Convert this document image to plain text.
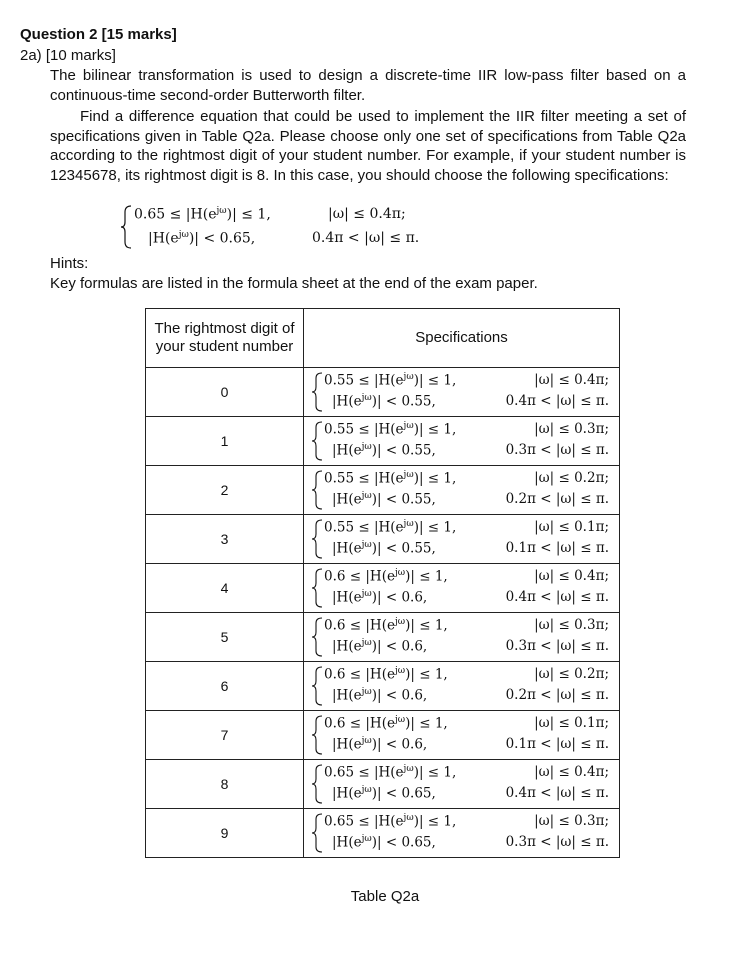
Question 2 [15 marks]
2a) [10 marks]

The bilinear transformation is used to design a discrete-time IIR low-pass filter based on a continuous-time second-order Butterworth filter.

Find a difference equation that could be used to implement the IIR filter meeting a set of specifications given in Table Q2a. Please choose only one set of specifications from Table Q2a according to the rightmost digit of your student number. For example, if your student number is 12345678, its rightmost digit is 8. In this case, you should choose the following specifications:

$0.65 \le |H(e^{j\omega})| \le 1$,	|ω| ≤ 0.4π;
$|H(e^{j\omega})| < 0.65$,	0.4π < |ω| ≤ π.
Hints:
Key formulas are listed in the formula sheet at the end of the exam paper.
The rightmost digit of your student number	Specifications
0	$0.55 \le |H(e^{j\omega})| \le 1$, |ω| ≤ 0.4π;
$|H(e^{j\omega})| < 0.55$, 0.4π < |ω| ≤ π.

1	$0.55 \le |H(e^{j\omega})| \le 1$, |ω| ≤ 0.3π;
$|H(e^{j\omega})| < 0.55$, 0.3π < |ω| ≤ π.

2	$0.55 \le |H(e^{j\omega})| \le 1$, |ω| ≤ 0.2π;
$|H(e^{j\omega})| < 0.55$, 0.2π < |ω| ≤ π.

3	$0.55 \le |H(e^{j\omega})| \le 1$, |ω| ≤ 0.1π;
$|H(e^{j\omega})| < 0.55$, 0.1π < |ω| ≤ π.

4	$0.6 \le |H(e^{j\omega})| \le 1$, |ω| ≤ 0.4π;
$|H(e^{j\omega})| < 0.6$, 0.4π < |ω| ≤ π.

5	$0.6 \le |H(e^{j\omega})| \le 1$, |ω| ≤ 0.3π;
$|H(e^{j\omega})| < 0.6$, 0.3π < |ω| ≤ π.

6	$0.6 \le |H(e^{j\omega})| \le 1$, |ω| ≤ 0.2π;
$|H(e^{j\omega})| < 0.6$, 0.2π < |ω| ≤ π.

7	$0.6 \le |H(e^{j\omega})| \le 1$, |ω| ≤ 0.1π;
$|H(e^{j\omega})| < 0.6$, 0.1π < |ω| ≤ π.

8	$0.65 \le |H(e^{j\omega})| \le 1$, |ω| ≤ 0.4π;
$|H(e^{j\omega})| < 0.65$, 0.4π < |ω| ≤ π.

9	$0.65 \le |H(e^{j\omega})| \le 1$, |ω| ≤ 0.3π;
$|H(e^{j\omega})| < 0.65$, 0.3π < |ω| ≤ π.
Table Q2a
